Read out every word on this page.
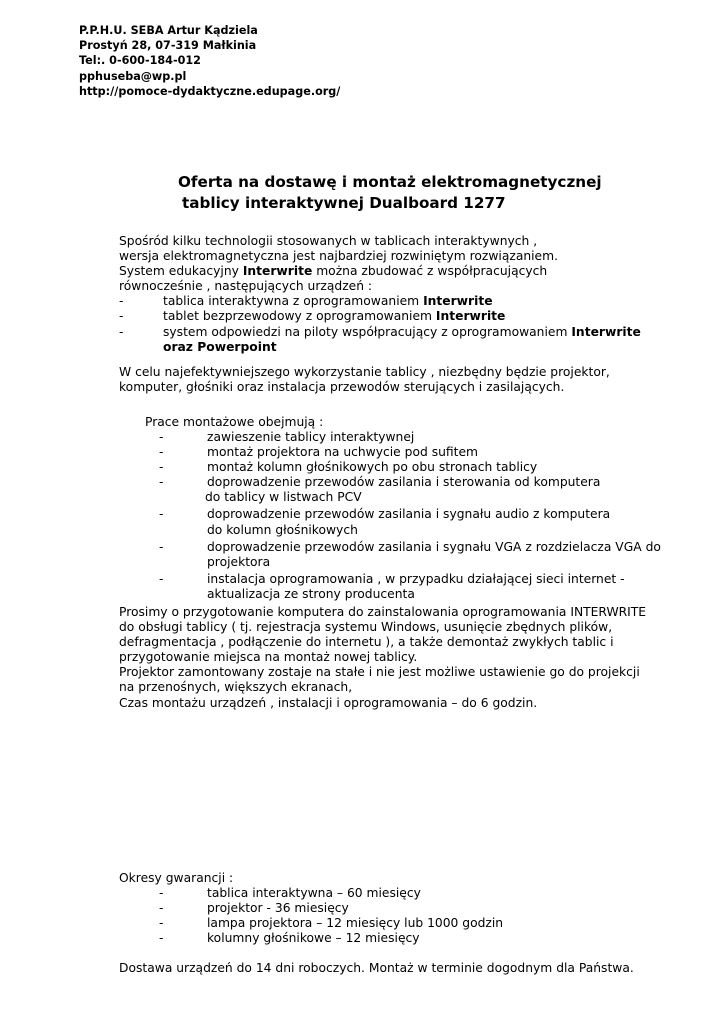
P.P.H.U. SEBA Artur Kądziela
Prostyń 28, 07-319 Małkinia
Tel:. 0-600-184-012
pphuseba@wp.pl
http://pomoce-dydaktyczne.edupage.org/
Oferta na dostawę i montaż elektromagnetycznej
tablicy interaktywnej Dualboard 1277
Spośród kilku technologii stosowanych w tablicach interaktywnych ,
wersja elektromagnetyczna jest najbardziej rozwiniętym rozwiązaniem.
System edukacyjny Interwrite można zbudować z współpracujących
równocześnie , następujących urządzeń :
-	tablica interaktywna z oprogramowaniem Interwrite
-	tablet bezprzewodowy z oprogramowaniem Interwrite
-	system odpowiedzi na piloty współpracujący z oprogramowaniem Interwrite
oraz Powerpoint
W celu najefektywniejszego wykorzystanie tablicy , niezbędny będzie projektor,
komputer, głośniki oraz instalacja przewodów sterujących i zasilających.
Prace montażowe obejmują :
-	zawieszenie tablicy interaktywnej
-	montaż projektora na uchwycie pod sufitem
-	montaż kolumn głośnikowych po obu stronach tablicy
-	doprowadzenie przewodów zasilania i sterowania od komputera
do tablicy w listwach PCV
-	doprowadzenie przewodów zasilania i sygnału audio z komputera
do kolumn głośnikowych
-	doprowadzenie przewodów zasilania i sygnału VGA z rozdzielacza VGA do
projektora
-	instalacja oprogramowania , w przypadku działającej sieci internet -
aktualizacja ze strony producenta
Prosimy o przygotowanie komputera do zainstalowania oprogramowania INTERWRITE
do obsługi tablicy ( tj. rejestracja systemu Windows, usunięcie zbędnych plików,
defragmentacja , podłączenie do internetu ), a także demontaż zwykłych tablic i
przygotowanie miejsca na montaż nowej tablicy.
Projektor zamontowany zostaje na stałe i nie jest możliwe ustawienie go do projekcji
na przenośnych, większych ekranach,
Czas montażu urządzeń , instalacji i oprogramowania – do 6 godzin.
Okresy gwarancji :
-	tablica interaktywna – 60 miesięcy
-	projektor - 36 miesięcy
-	lampa projektora – 12 miesięcy lub 1000 godzin
-	kolumny głośnikowe – 12 miesięcy
Dostawa urządzeń do 14 dni roboczych. Montaż w terminie dogodnym dla Państwa.
